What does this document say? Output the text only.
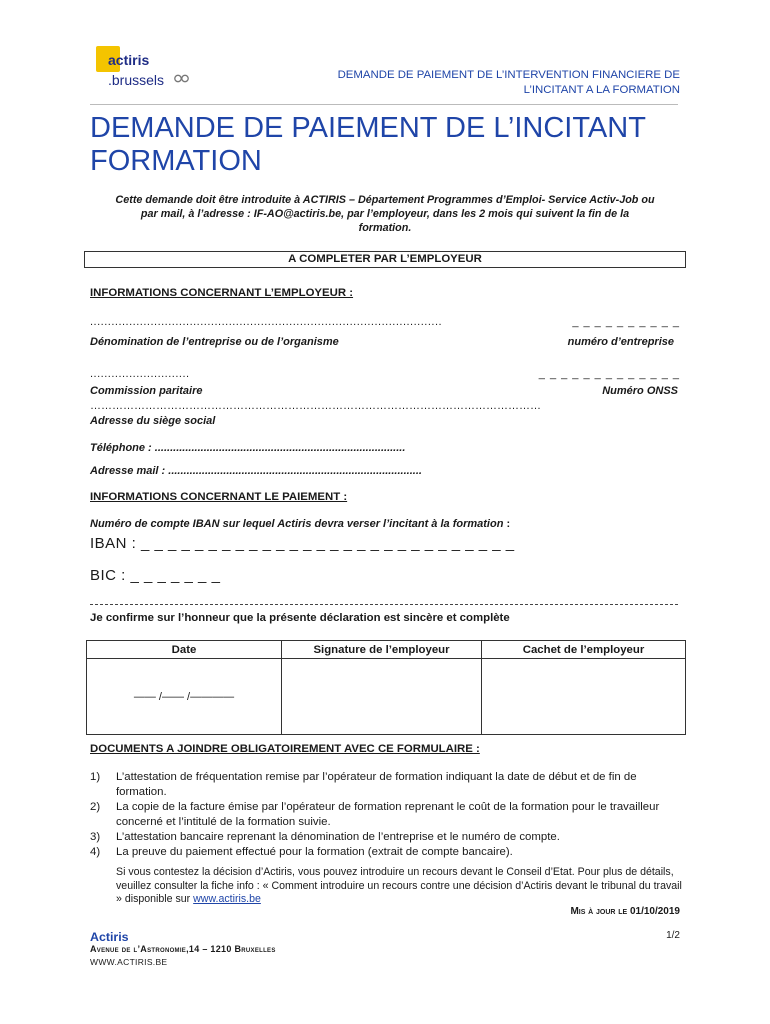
actiris
.brussels	DEMANDE DE PAIEMENT DE L’INTERVENTION FINANCIERE DE
L’INCITANT A LA FORMATION
DEMANDE DE PAIEMENT DE L’INCITANT
FORMATION
Cette demande doit être introduite à ACTIRIS – Département Programmes d’Emploi- Service Activ-Job ou
par mail, à l’adresse : IF-AO@actiris.be, par l’employeur, dans les 2 mois qui suivent la fin de la
formation.
A COMPLETER PAR L’EMPLOYEUR
INFORMATIONS CONCERNANT L’EMPLOYEUR :
...................................................................................................	_ _ _ _ _ _ _ _ _ _
Dénomination de l’entreprise ou de l’organisme	numéro d’entreprise
............................	_ _ _ _ _ _ _ _ _ _ _ _ _
Commission paritaire	Numéro ONSS
……………………………………………………………………………………………………………
Adresse du siège social
Téléphone : ..................................................................................
Adresse mail : ...................................................................................
INFORMATIONS CONCERNANT LE PAIEMENT :
Numéro de compte IBAN sur lequel Actiris devra verser l’incitant à la formation :
IBAN : _ _ _ _ _ _ _ _ _ _ _ _ _ _ _ _ _ _ _ _ _ _ _ _ _ _ _ _
BIC : _ _ _ _ _ _ _
Je confirme sur l’honneur que la présente déclaration est sincère et complète
Date	Signature de l’employeur	Cachet de l’employeur
—— /—— /————		
DOCUMENTS A JOINDRE OBLIGATOIREMENT AVEC CE FORMULAIRE :
1) L’attestation de fréquentation remise par l’opérateur de formation indiquant la date de début et de fin de formation.
2) La copie de la facture émise par l’opérateur de formation reprenant le coût de la formation pour le travailleur concerné et l’intitulé de la formation suivie.
3) L’attestation bancaire reprenant la dénomination de l’entreprise et le numéro de compte.
4) La preuve du paiement effectué pour la formation (extrait de compte bancaire).
Si vous contestez la décision d’Actiris, vous pouvez introduire un recours devant le Conseil d’Etat. Pour plus de détails, veuillez consulter la fiche info : « Comment introduire un recours contre une décision d’Actiris devant le tribunal du travail » disponible sur www.actiris.be
Mis à jour le 01/10/2019
Actiris	1/2
Avenue de l’Astronomie,14 – 1210 Bruxelles
WWW.ACTIRIS.BE
